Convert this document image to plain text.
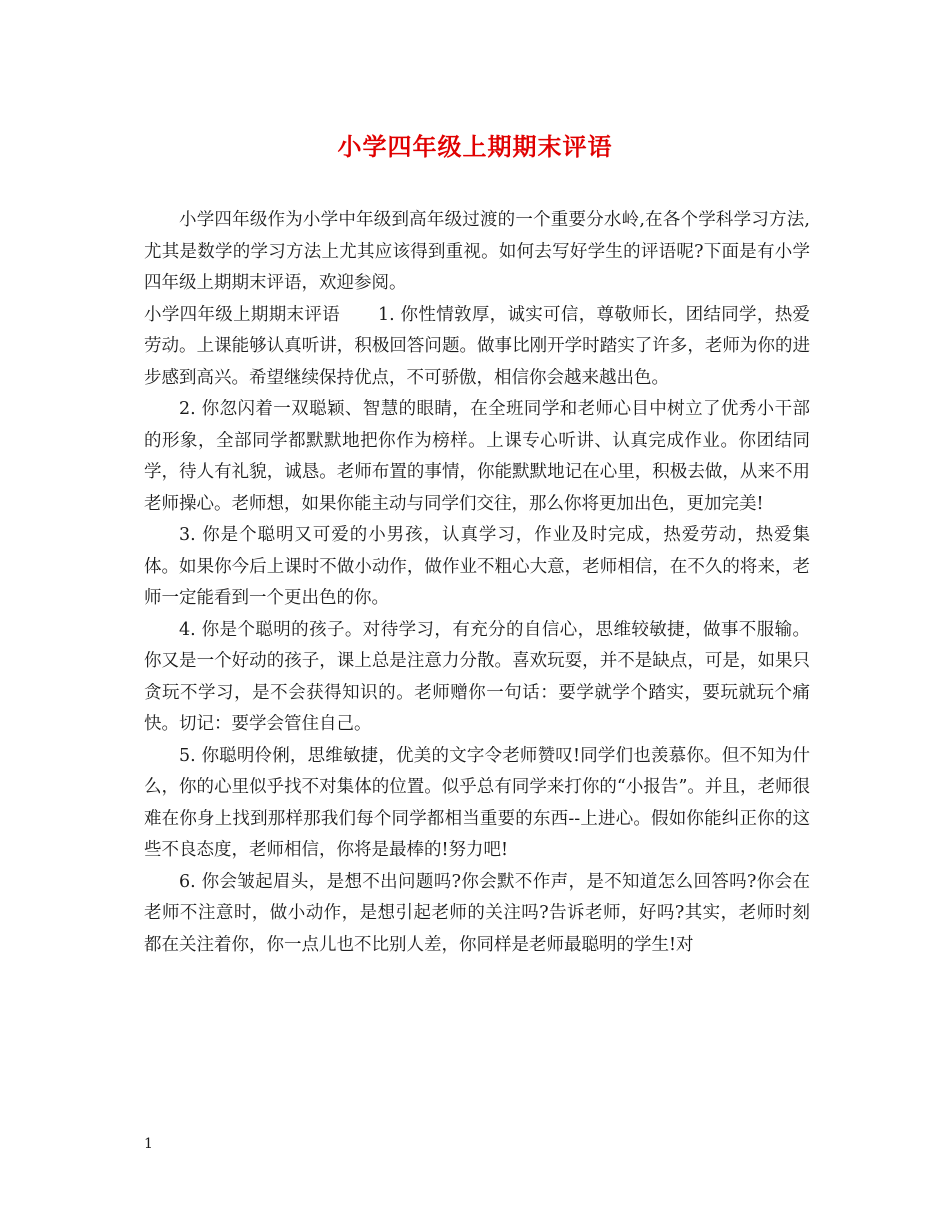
小学四年级上期期末评语

小学四年级作为小学中年级到高年级过渡的一个重要分水岭,在各个学科学习方法,尤其是数学的学习方法上尤其应该得到重视。如何去写好学生的评语呢?下面是有小学四年级上期期末评语，欢迎参阅。

小学四年级上期期末评语 1. 你性情敦厚，诚实可信，尊敬师长，团结同学，热爱劳动。上课能够认真听讲，积极回答问题。做事比刚开学时踏实了许多，老师为你的进步感到高兴。希望继续保持优点，不可骄傲，相信你会越来越出色。

2. 你忽闪着一双聪颖、智慧的眼睛，在全班同学和老师心目中树立了优秀小干部的形象，全部同学都默默地把你作为榜样。上课专心听讲、认真完成作业。你团结同学，待人有礼貌，诚恳。老师布置的事情，你能默默地记在心里，积极去做，从来不用老师操心。老师想，如果你能主动与同学们交往，那么你将更加出色，更加完美!

3. 你是个聪明又可爱的小男孩，认真学习，作业及时完成，热爱劳动，热爱集体。如果你今后上课时不做小动作，做作业不粗心大意，老师相信，在不久的将来，老师一定能看到一个更出色的你。

4. 你是个聪明的孩子。对待学习，有充分的自信心，思维较敏捷，做事不服输。你又是一个好动的孩子，课上总是注意力分散。喜欢玩耍，并不是缺点，可是，如果只贪玩不学习，是不会获得知识的。老师赠你一句话：要学就学个踏实，要玩就玩个痛快。切记：要学会管住自己。

5. 你聪明伶俐，思维敏捷，优美的文字令老师赞叹!同学们也羡慕你。但不知为什么，你的心里似乎找不对集体的位置。似乎总有同学来打你的“小报告”。并且，老师很难在你身上找到那样那我们每个同学都相当重要的东西--上进心。假如你能纠正你的这些不良态度，老师相信，你将是最棒的!努力吧!

6. 你会皱起眉头，是想不出问题吗?你会默不作声，是不知道怎么回答吗?你会在老师不注意时，做小动作，是想引起老师的关注吗?告诉老师，好吗?其实，老师时刻都在关注着你，你一点儿也不比别人差，你同样是老师最聪明的学生!对

1
